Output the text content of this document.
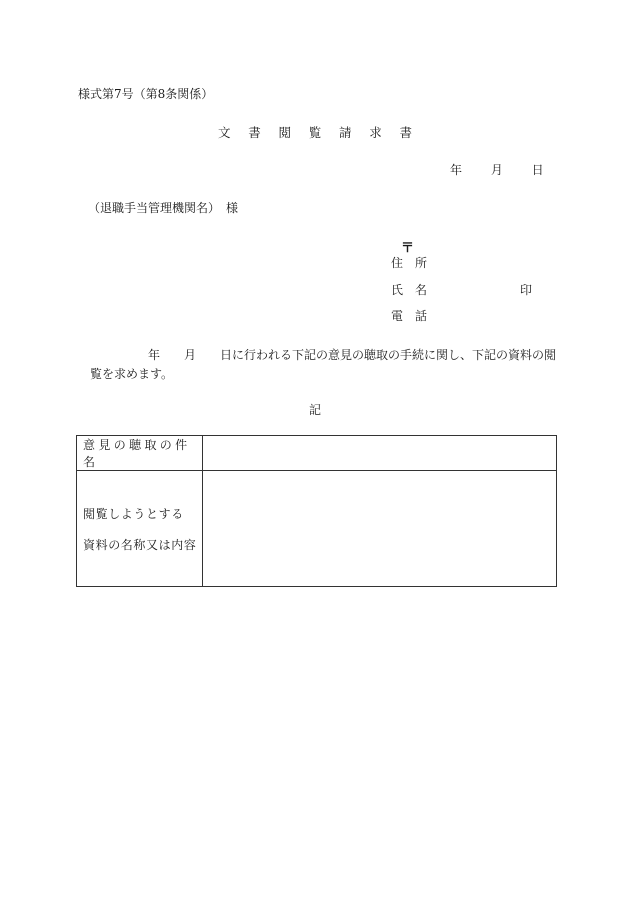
様式第7号（第8条関係）
文 書 閲 覧 請 求 書
年 月 日
（退職手当管理機関名）　様
〒
住　所
氏　名	印
電　話
年　　月　　日に行われる下記の意見の聴取の手続に関し、下記の資料の閲
覧を求めます。
記
意見の聴取の件名	

閲覧しようとする
資料の名称又は内容	
